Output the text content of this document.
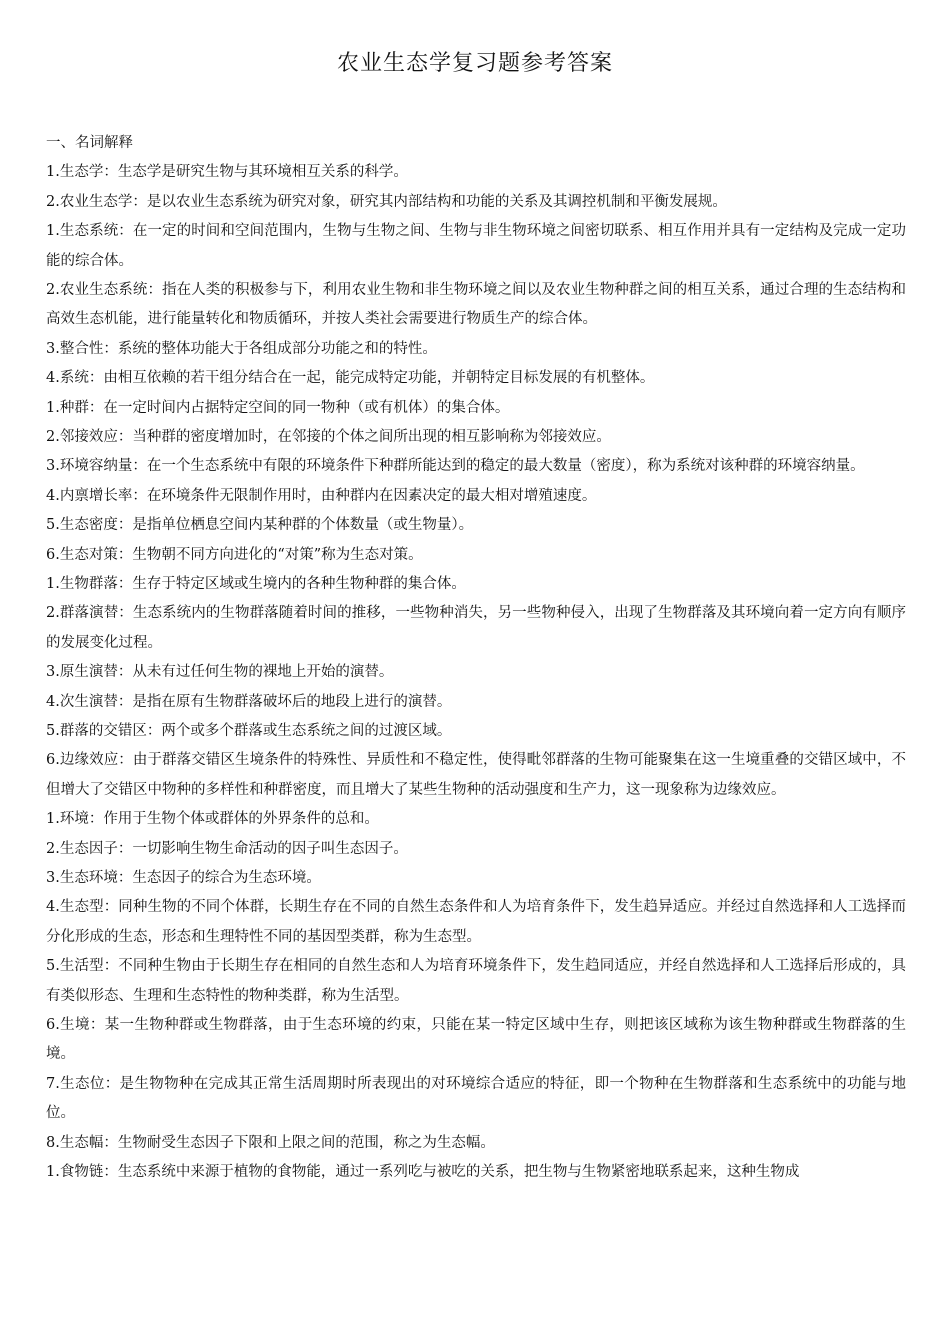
农业生态学复习题参考答案
一、名词解释

1.生态学：生态学是研究生物与其环境相互关系的科学。

2.农业生态学：是以农业生态系统为研究对象，研究其内部结构和功能的关系及其调控机制和平衡发展规。

1.生态系统：在一定的时间和空间范围内，生物与生物之间、生物与非生物环境之间密切联系、相互作用并具有一定结构及完成一定功能的综合体。

2.农业生态系统：指在人类的积极参与下，利用农业生物和非生物环境之间以及农业生物种群之间的相互关系，通过合理的生态结构和高效生态机能，进行能量转化和物质循环，并按人类社会需要进行物质生产的综合体。

3.整合性：系统的整体功能大于各组成部分功能之和的特性。

4.系统：由相互依赖的若干组分结合在一起，能完成特定功能，并朝特定目标发展的有机整体。

1.种群：在一定时间内占据特定空间的同一物种（或有机体）的集合体。

2.邻接效应：当种群的密度增加时，在邻接的个体之间所出现的相互影响称为邻接效应。

3.环境容纳量：在一个生态系统中有限的环境条件下种群所能达到的稳定的最大数量（密度），称为系统对该种群的环境容纳量。

4.内禀增长率：在环境条件无限制作用时，由种群内在因素决定的最大相对增殖速度。

5.生态密度：是指单位栖息空间内某种群的个体数量（或生物量）。

6.生态对策：生物朝不同方向进化的“对策”称为生态对策。

1.生物群落：生存于特定区域或生境内的各种生物种群的集合体。

2.群落演替：生态系统内的生物群落随着时间的推移，一些物种消失，另一些物种侵入，出现了生物群落及其环境向着一定方向有顺序的发展变化过程。

3.原生演替：从未有过任何生物的裸地上开始的演替。

4.次生演替：是指在原有生物群落破坏后的地段上进行的演替。

5.群落的交错区：两个或多个群落或生态系统之间的过渡区域。

6.边缘效应：由于群落交错区生境条件的特殊性、异质性和不稳定性，使得毗邻群落的生物可能聚集在这一生境重叠的交错区域中，不但增大了交错区中物种的多样性和种群密度，而且增大了某些生物种的活动强度和生产力，这一现象称为边缘效应。

1.环境：作用于生物个体或群体的外界条件的总和。

2.生态因子：一切影响生物生命活动的因子叫生态因子。

3.生态环境：生态因子的综合为生态环境。

4.生态型：同种生物的不同个体群，长期生存在不同的自然生态条件和人为培育条件下，发生趋异适应。并经过自然选择和人工选择而分化形成的生态，形态和生理特性不同的基因型类群，称为生态型。

5.生活型：不同种生物由于长期生存在相同的自然生态和人为培育环境条件下，发生趋同适应，并经自然选择和人工选择后形成的，具有类似形态、生理和生态特性的物种类群，称为生活型。

6.生境：某一生物种群或生物群落，由于生态环境的约束，只能在某一特定区域中生存，则把该区域称为该生物种群或生物群落的生境。

7.生态位：是生物物种在完成其正常生活周期时所表现出的对环境综合适应的特征，即一个物种在生物群落和生态系统中的功能与地位。

8.生态幅：生物耐受生态因子下限和上限之间的范围，称之为生态幅。

1.食物链：生态系统中来源于植物的食物能，通过一系列吃与被吃的关系，把生物与生物紧密地联系起来，这种生物成
